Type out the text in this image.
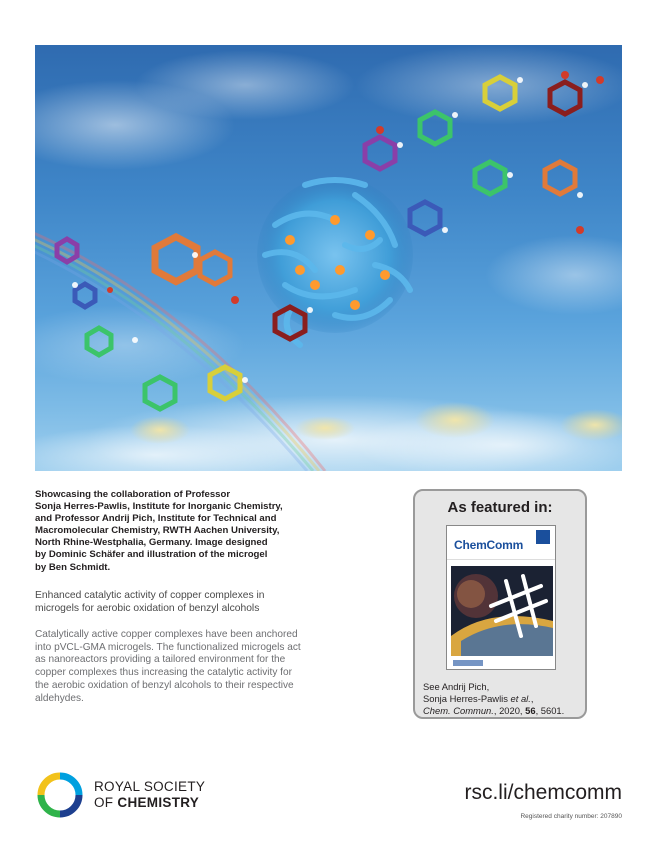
Showcasing the collaboration of Professor
Sonja Herres-Pawlis, Institute for Inorganic Chemistry,
and Professor Andrij Pich, Institute for Technical and
Macromolecular Chemistry, RWTH Aachen University,
North Rhine-Westphalia, Germany. Image designed
by Dominic Schäfer and illustration of the microgel
by Ben Schmidt.
Enhanced catalytic activity of copper complexes in
microgels for aerobic oxidation of benzyl alcohols
Catalytically active copper complexes have been anchored
into pVCL-GMA microgels. The functionalized microgels act
as nanoreactors providing a tailored environment for the
copper complexes thus increasing the catalytic activity for
the aerobic oxidation of benzyl alcohols to their respective
aldehydes.
As featured in:
ChemComm
See Andrij Pich,
Sonja Herres-Pawlis et al.,
Chem. Commun., 2020, 56, 5601.
ROYAL SOCIETY
OF CHEMISTRY	rsc.li/chemcomm
Registered charity number: 207890
